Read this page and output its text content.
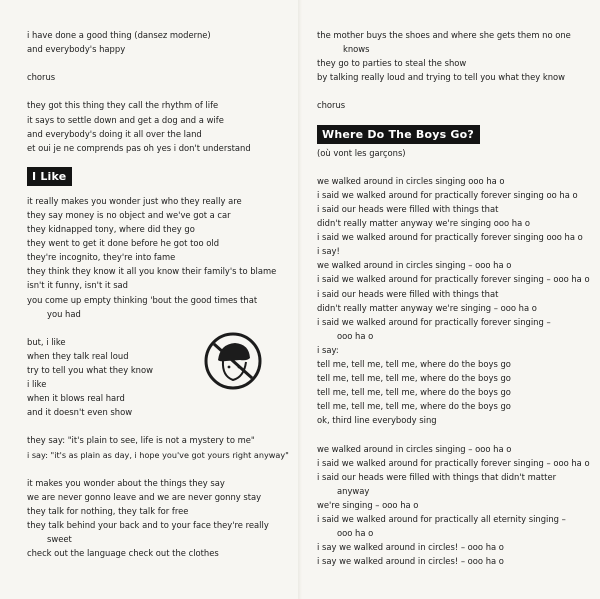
i have done a good thing (dansez moderne)
and everybody's happy
chorus
they got this thing they call the rhythm of life
it says to settle down and get a dog and a wife
and everybody's doing it all over the land
et oui je ne comprends pas oh yes i don't understand
I Like
it really makes you wonder just who they really are
they say money is no object and we've got a car
they kidnapped tony, where did they go
they went to get it done before he got too old
they're incognito, they're into fame
they think they know it all you know their family's to blame
isn't it funny, isn't it sad
you come up empty thinking 'bout the good times that
you had
but, i like
when they talk real loud
try to tell you what they know
i like
when it blows real hard
and it doesn't even show
they say: "it's plain to see, life is not a mystery to me"
i say: "it's as plain as day, i hope you've got yours right anyway"
it makes you wonder about the things they say
we are never gonno leave and we are never gonny stay
they talk for nothing, they talk for free
they talk behind your back and to your face they're really
sweet
check out the language check out the clothes
the mother buys the shoes and where she gets them no one
knows
they go to parties to steal the show
by talking really loud and trying to tell you what they know
chorus
Where Do The Boys Go?
(où vont les garçons)
we walked around in circles singing ooo ha o
i said we walked around for practically forever singing oo ha o
i said our heads were filled with things that
didn't really matter anyway we're singing ooo ha o
i said we walked around for practically forever singing ooo ha o
i say!
we walked around in circles singing – ooo ha o
i said we walked around for practically forever singing – ooo ha o
i said our heads were filled with things that
didn't really matter anyway we're singing – ooo ha o
i said we walked around for practically forever singing –
ooo ha o
i say:
tell me, tell me, tell me, where do the boys go
tell me, tell me, tell me, where do the boys go
tell me, tell me, tell me, where do the boys go
tell me, tell me, tell me, where do the boys go
ok, third line everybody sing
we walked around in circles singing – ooo ha o
i said we walked around for practically forever singing – ooo ha o
i said our heads were filled with things that didn't matter
anyway
we're singing – ooo ha o
i said we walked around for practically all eternity singing –
ooo ha o
i say we walked around in circles! – ooo ha o
i say we walked around in circles! – ooo ha o
